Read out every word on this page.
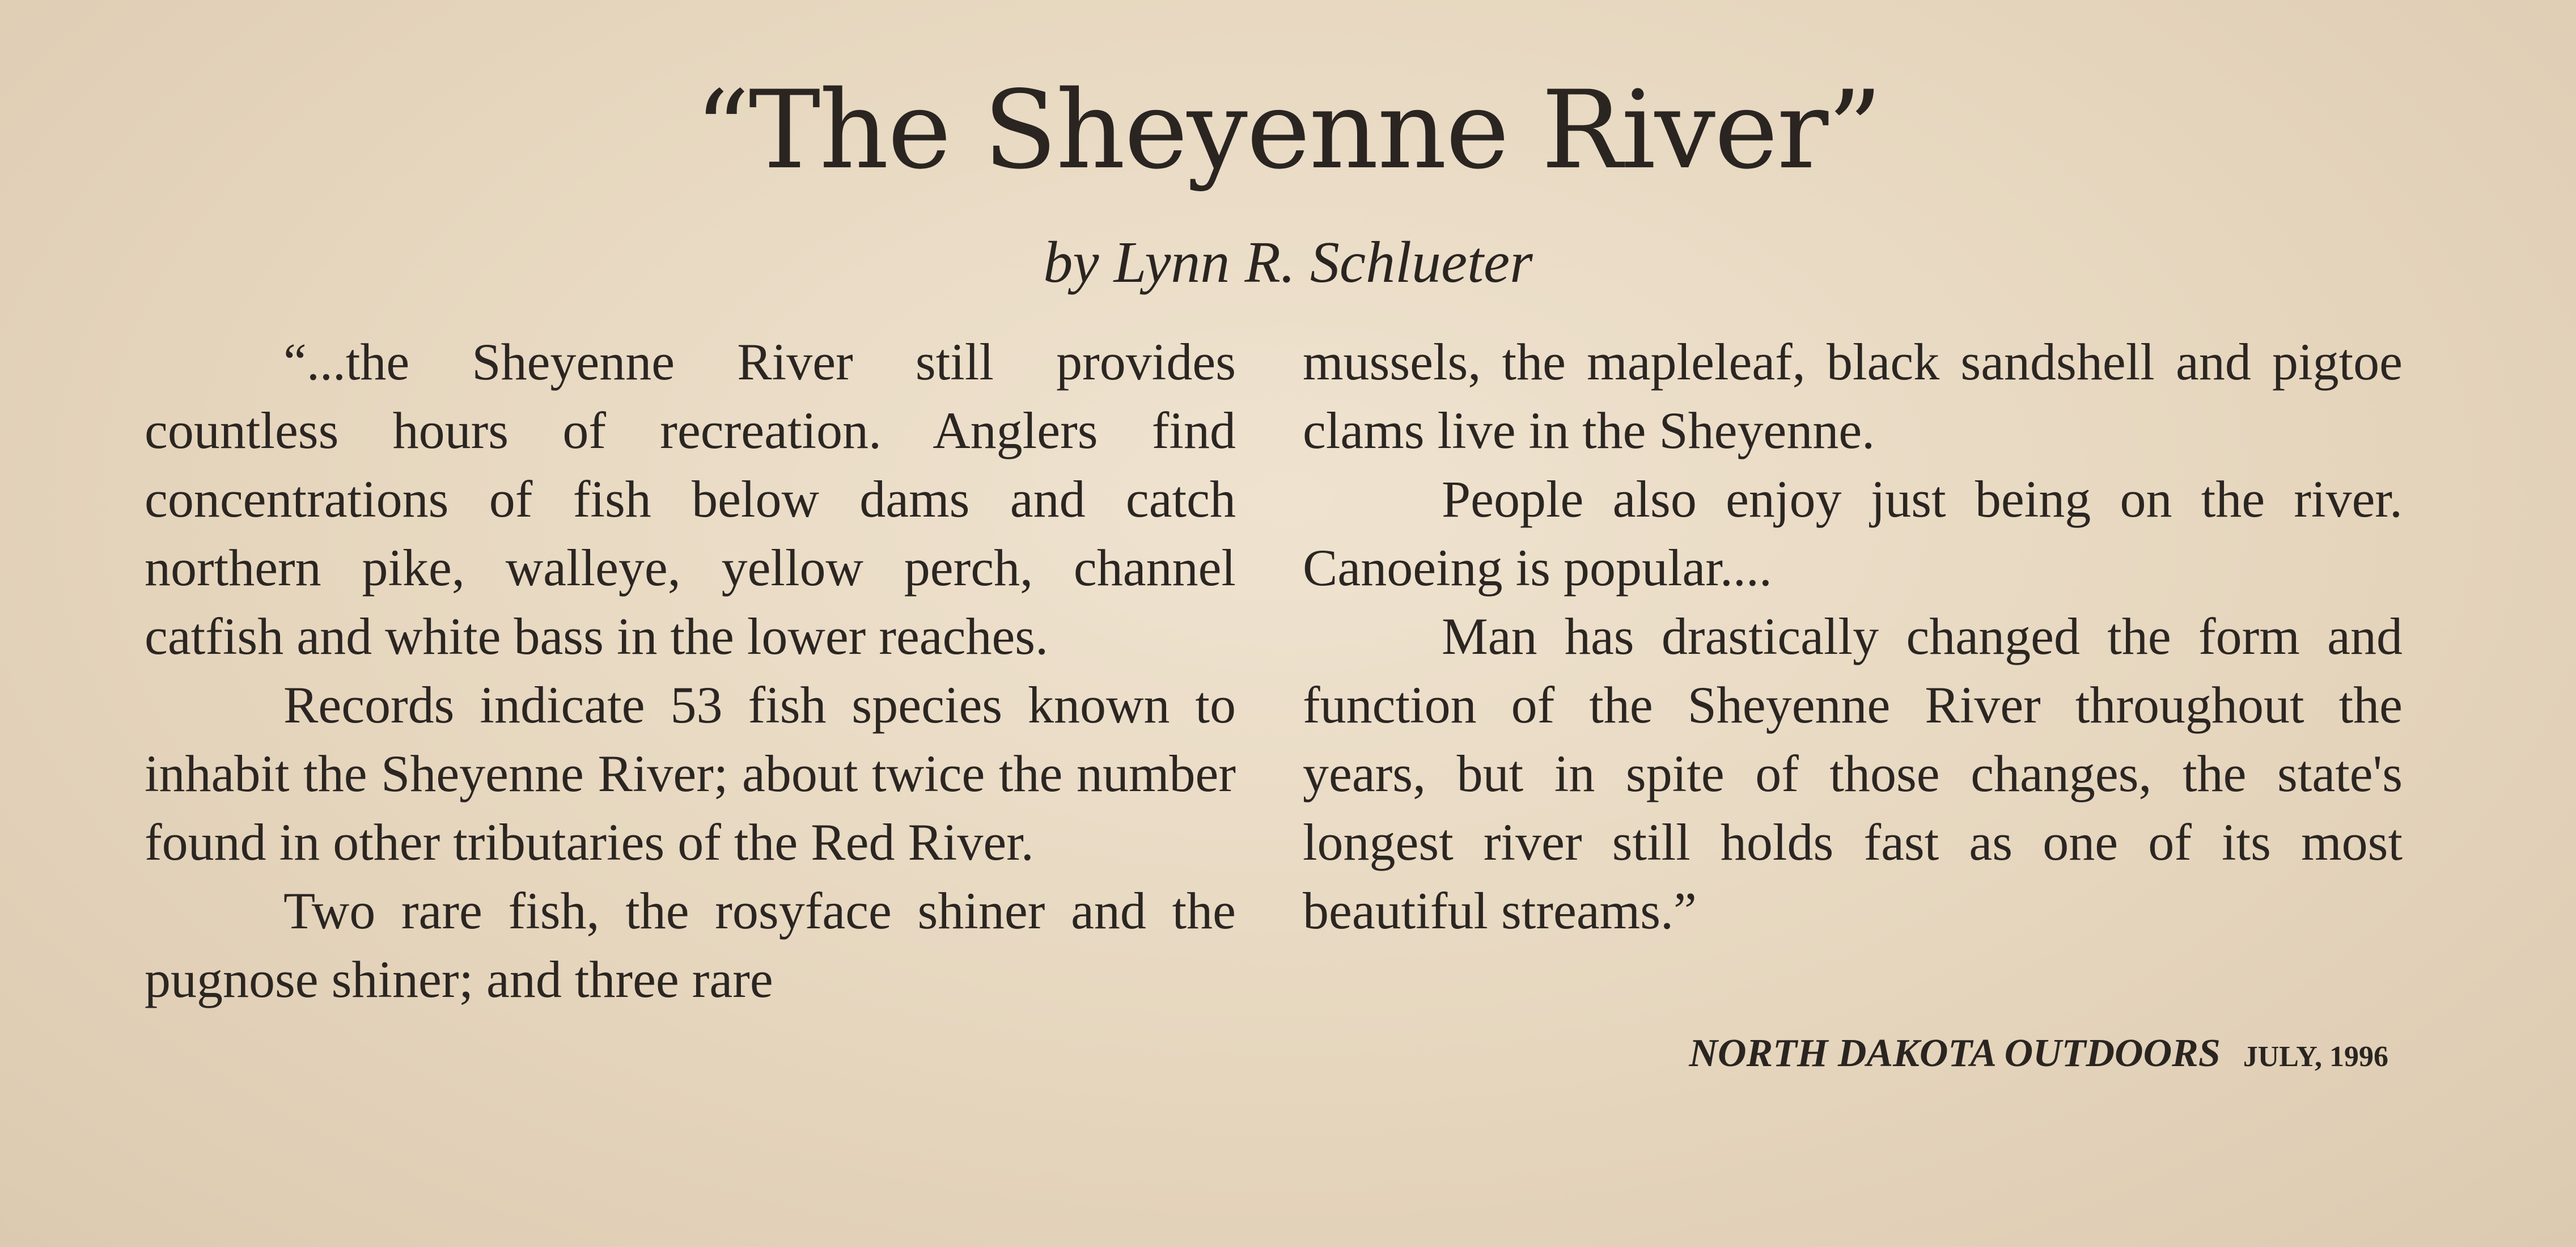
“The Sheyenne River”

by Lynn R. Schlueter

“...the Sheyenne River still provides countless hours of recreation. Anglers find concentrations of fish below dams and catch northern pike, walleye, yellow perch, channel catfish and white bass in the lower reaches.

Records indicate 53 fish species known to inhabit the Sheyenne River; about twice the number found in other tributaries of the Red River.

Two rare fish, the rosyface shiner and the pugnose shiner; and three rare

mussels, the mapleleaf, black sandshell and pigtoe clams live in the Sheyenne.

People also enjoy just being on the river. Canoeing is popular....

Man has drastically changed the form and function of the Sheyenne River throughout the years, but in spite of those changes, the state's longest river still holds fast as one of its most beautiful streams.”

NORTH DAKOTA OUTDOORS JULY, 1996
